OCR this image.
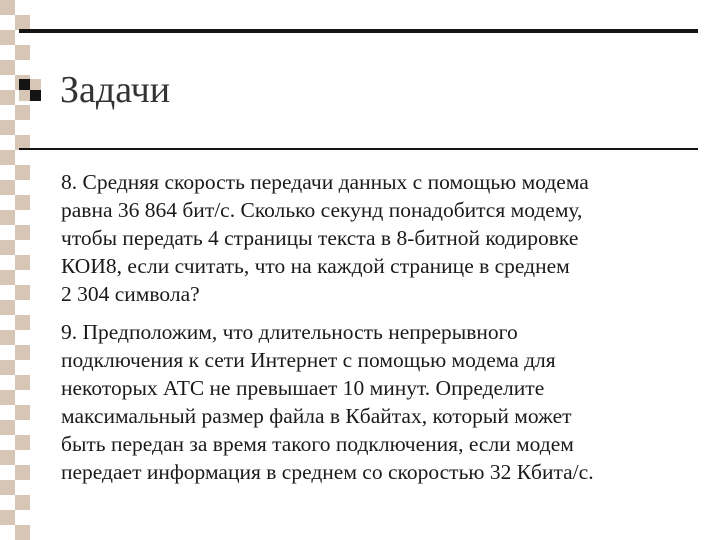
Задачи
8. Средняя скорость передачи данных с помощью модема
равна 36 864 бит/с. Сколько секунд понадобится модему,
чтобы передать 4 страницы текста в 8-битной кодировке
КОИ8, если считать, что на каждой странице в среднем
2 304 символа?
9. Предположим, что длительность непрерывного
подключения к сети Интернет с помощью модема для
некоторых АТС не превышает 10 минут. Определите
максимальный размер файла в Кбайтах, который может
быть передан за время такого подключения, если модем
передает информация в среднем со скоростью 32 Кбита/с.
